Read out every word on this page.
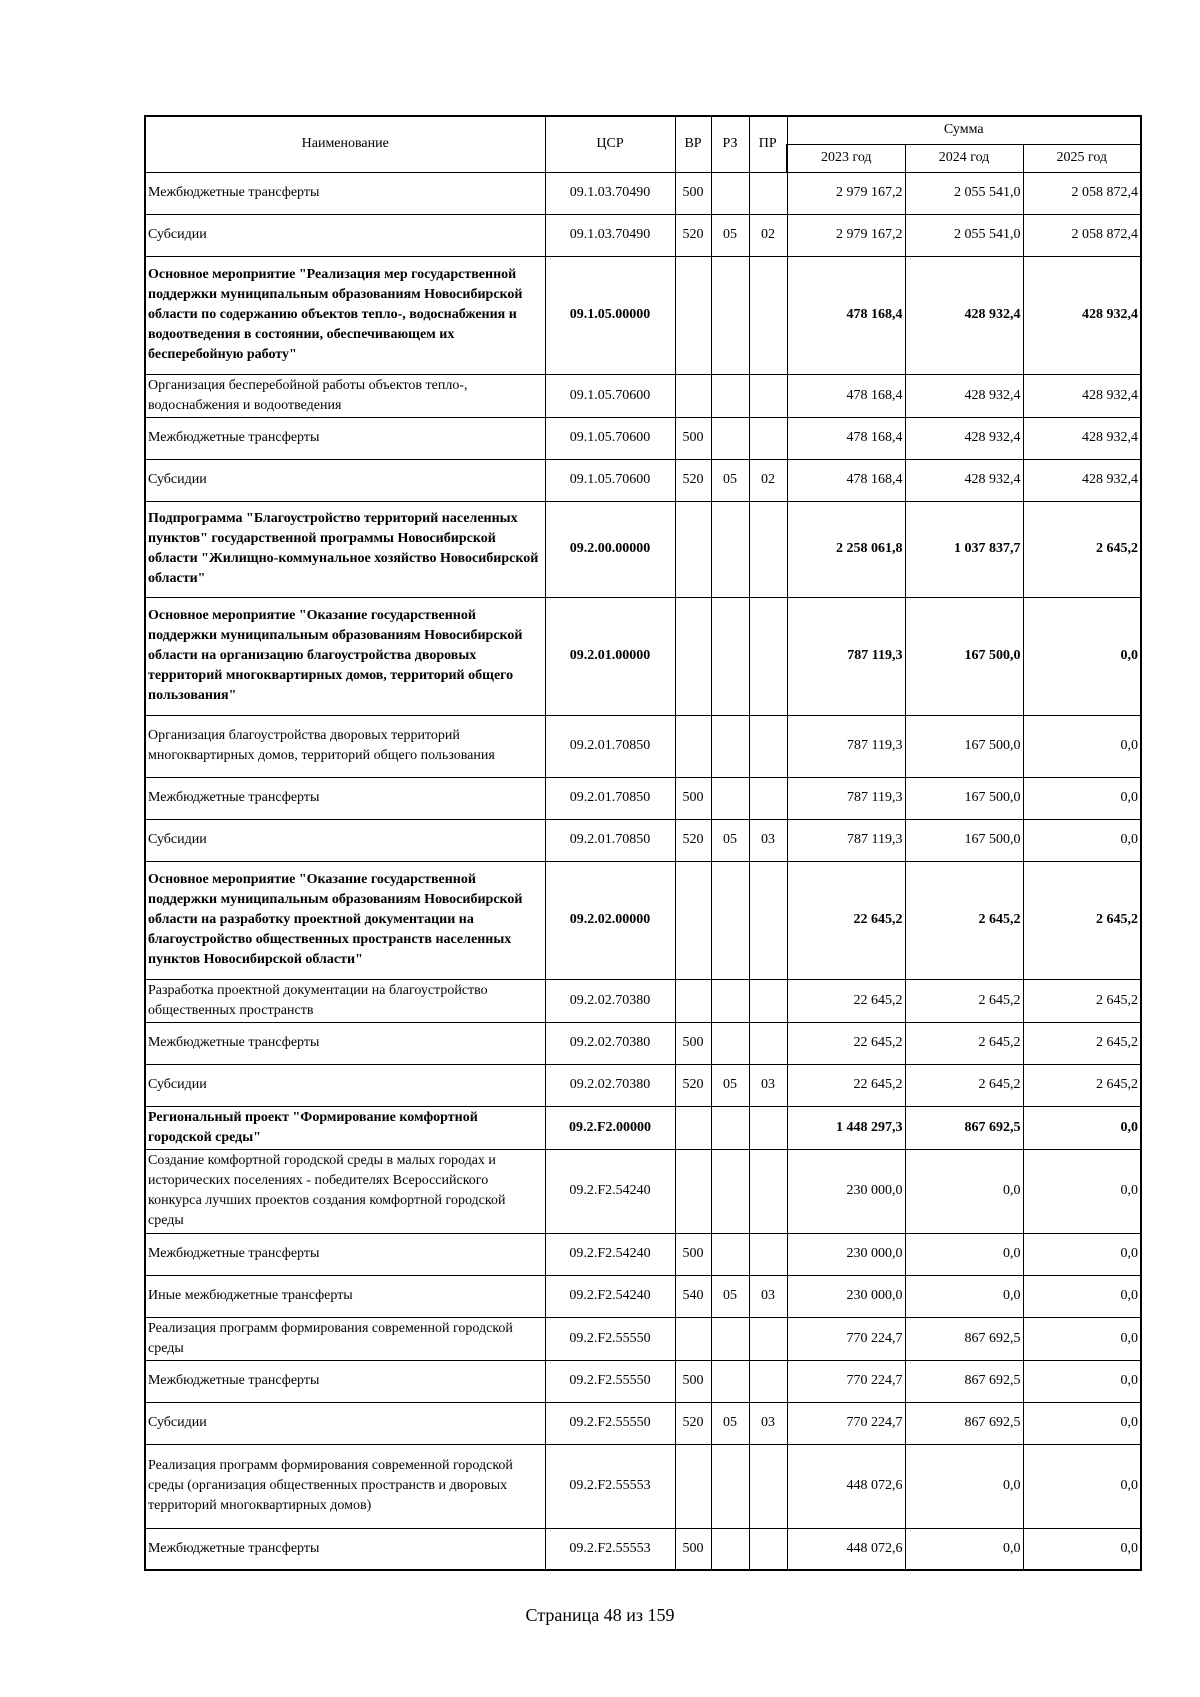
Наименование	ЦСР	ВР	РЗ	ПР	Сумма		
					2023 год	2024 год	2025 год
Межбюджетные трансферты	09.1.03.70490	500			2 979 167,2	2 055 541,0	2 058 872,4
Субсидии	09.1.03.70490	520	05	02	2 979 167,2	2 055 541,0	2 058 872,4
Основное мероприятие "Реализация мер государственной поддержки муниципальным образованиям Новосибирской области по содержанию объектов тепло-, водоснабжения и водоотведения в состоянии, обеспечивающем их бесперебойную работу"	09.1.05.00000				478 168,4	428 932,4	428 932,4
Организация бесперебойной работы объектов тепло-, водоснабжения и водоотведения	09.1.05.70600				478 168,4	428 932,4	428 932,4
Межбюджетные трансферты	09.1.05.70600	500			478 168,4	428 932,4	428 932,4
Субсидии	09.1.05.70600	520	05	02	478 168,4	428 932,4	428 932,4
Подпрограмма "Благоустройство территорий населенных пунктов" государственной программы Новосибирской области "Жилищно-коммунальное хозяйство Новосибирской области"	09.2.00.00000				2 258 061,8	1 037 837,7	2 645,2
Основное мероприятие "Оказание государственной поддержки муниципальным образованиям Новосибирской области на организацию благоустройства дворовых территорий многоквартирных домов, территорий общего пользования"	09.2.01.00000				787 119,3	167 500,0	0,0
Организация благоустройства дворовых территорий многоквартирных домов, территорий общего пользования	09.2.01.70850				787 119,3	167 500,0	0,0
Межбюджетные трансферты	09.2.01.70850	500			787 119,3	167 500,0	0,0
Субсидии	09.2.01.70850	520	05	03	787 119,3	167 500,0	0,0
Основное мероприятие "Оказание государственной поддержки муниципальным образованиям Новосибирской области на разработку проектной документации на благоустройство общественных пространств населенных пунктов Новосибирской области"	09.2.02.00000				22 645,2	2 645,2	2 645,2
Разработка проектной документации на благоустройство общественных пространств	09.2.02.70380				22 645,2	2 645,2	2 645,2
Межбюджетные трансферты	09.2.02.70380	500			22 645,2	2 645,2	2 645,2
Субсидии	09.2.02.70380	520	05	03	22 645,2	2 645,2	2 645,2
Региональный проект "Формирование комфортной городской среды"	09.2.F2.00000				1 448 297,3	867 692,5	0,0
Создание комфортной городской среды в малых городах и исторических поселениях - победителях Всероссийского конкурса лучших проектов создания комфортной городской среды	09.2.F2.54240				230 000,0	0,0	0,0
Межбюджетные трансферты	09.2.F2.54240	500			230 000,0	0,0	0,0
Иные межбюджетные трансферты	09.2.F2.54240	540	05	03	230 000,0	0,0	0,0
Реализация программ формирования современной городской среды	09.2.F2.55550				770 224,7	867 692,5	0,0
Межбюджетные трансферты	09.2.F2.55550	500			770 224,7	867 692,5	0,0
Субсидии	09.2.F2.55550	520	05	03	770 224,7	867 692,5	0,0
Реализация программ формирования современной городской среды (организация общественных пространств и дворовых территорий многоквартирных домов)	09.2.F2.55553				448 072,6	0,0	0,0
Межбюджетные трансферты	09.2.F2.55553	500			448 072,6	0,0	0,0
Страница 48 из 159
